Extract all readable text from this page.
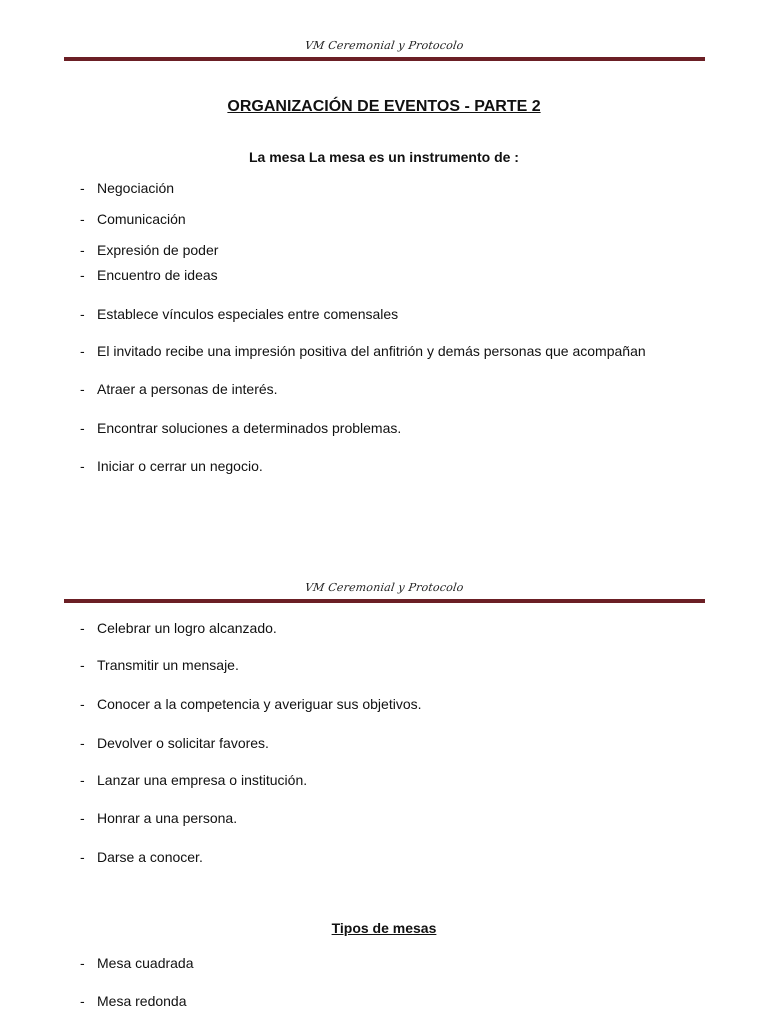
VM Ceremonial y Protocolo
ORGANIZACIÓN DE EVENTOS - PARTE 2
La mesa La mesa es un instrumento de :
- Negociación
- Comunicación
- Expresión de poder
- Encuentro de ideas
- Establece vínculos especiales entre comensales
- El invitado recibe una impresión positiva del anfitrión y demás personas que acompañan
- Atraer a personas de interés.
- Encontrar soluciones a determinados problemas.
- Iniciar o cerrar un negocio.
VM Ceremonial y Protocolo
- Celebrar un logro alcanzado.
- Transmitir un mensaje.
- Conocer a la competencia y averiguar sus objetivos.
- Devolver o solicitar favores.
- Lanzar una empresa o institución.
- Honrar a una persona.
- Darse a conocer.
Tipos de mesas
- Mesa cuadrada
- Mesa redonda
